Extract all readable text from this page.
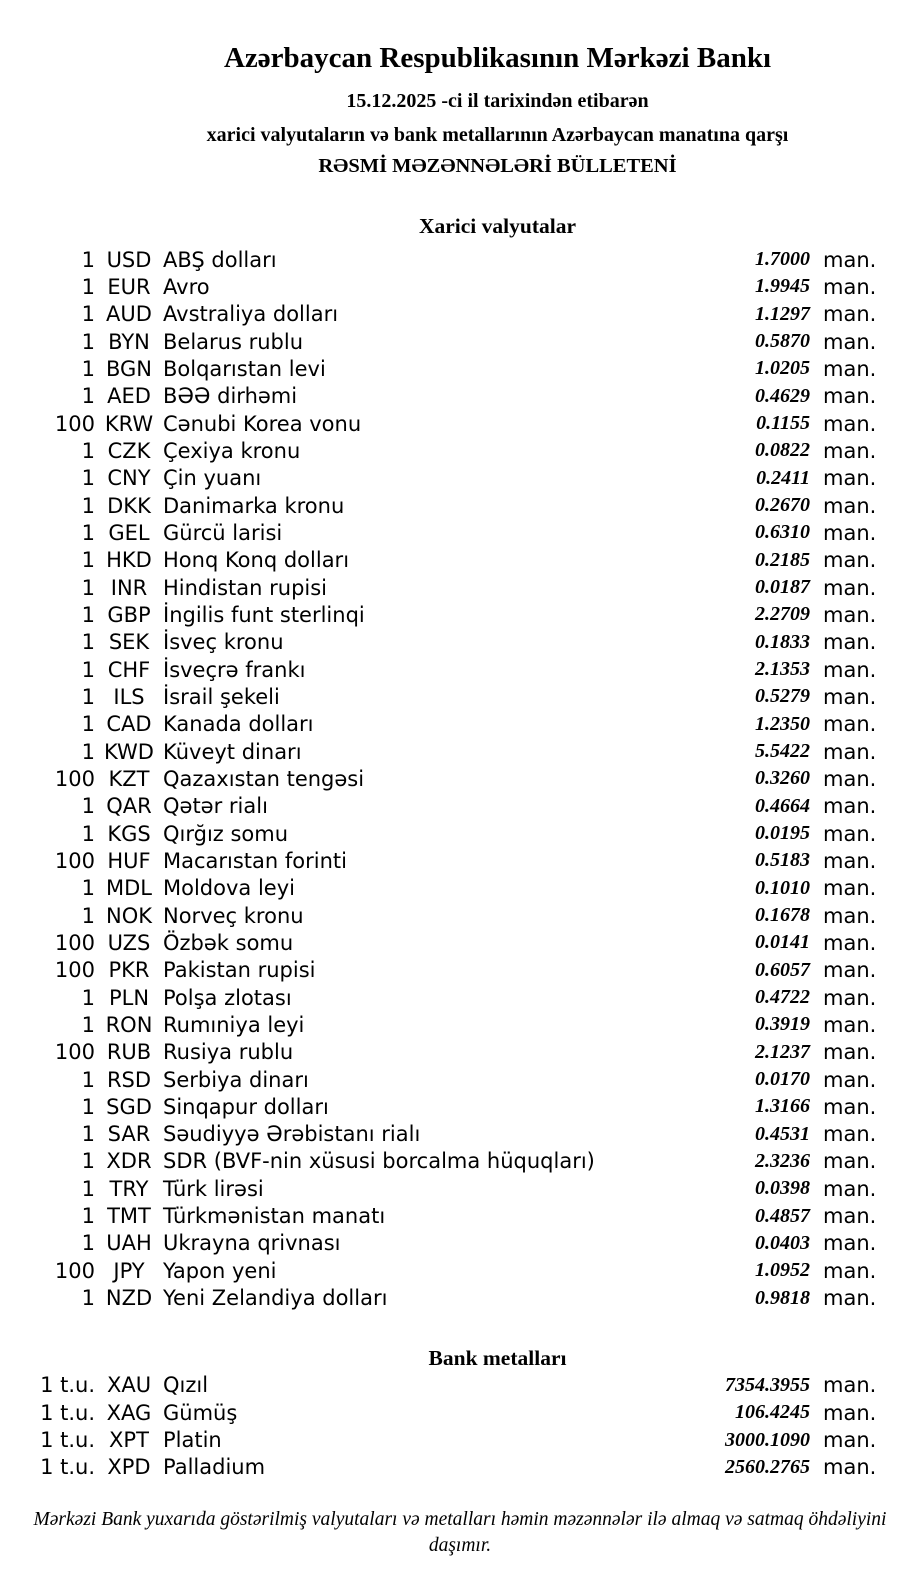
Azərbaycan Respublikasının Mərkəzi Bankı
15.12.2025 -ci il tarixindən etibarən
xarici valyutaların və bank metallarının Azərbaycan manatına qarşı
RƏSMİ MƏZƏNNƏLƏRİ BÜLLETENİ
Xarici valyutalar
1 USD ABŞ dolları	1.7000 man.
1 EUR Avro	1.9945 man.
1 AUD Avstraliya dolları	1.1297 man.
1 BYN Belarus rublu	0.5870 man.
1 BGN Bolqarıstan levi	1.0205 man.
1 AED BƏƏ dirhəmi	0.4629 man.
100 KRW Cənubi Korea vonu	0.1155 man.
1 CZK Çexiya kronu	0.0822 man.
1 CNY Çin yuanı	0.2411 man.
1 DKK Danimarka kronu	0.2670 man.
1 GEL Gürcü larisi	0.6310 man.
1 HKD Honq Konq dolları	0.2185 man.
1 INR Hindistan rupisi	0.0187 man.
1 GBP İngilis funt sterlinqi	2.2709 man.
1 SEK İsveç kronu	0.1833 man.
1 CHF İsveçrə frankı	2.1353 man.
1 ILS İsrail şekeli	0.5279 man.
1 CAD Kanada dolları	1.2350 man.
1 KWD Küveyt dinarı	5.5422 man.
100 KZT Qazaxıstan tengəsi	0.3260 man.
1 QAR Qətər rialı	0.4664 man.
1 KGS Qırğız somu	0.0195 man.
100 HUF Macarıstan forinti	0.5183 man.
1 MDL Moldova leyi	0.1010 man.
1 NOK Norveç kronu	0.1678 man.
100 UZS Özbək somu	0.0141 man.
100 PKR Pakistan rupisi	0.6057 man.
1 PLN Polşa zlotası	0.4722 man.
1 RON Rumıniya leyi	0.3919 man.
100 RUB Rusiya rublu	2.1237 man.
1 RSD Serbiya dinarı	0.0170 man.
1 SGD Sinqapur dolları	1.3166 man.
1 SAR Səudiyyə Ərəbistanı rialı	0.4531 man.
1 XDR SDR (BVF-nin xüsusi borcalma hüquqları)	2.3236 man.
1 TRY Türk lirəsi	0.0398 man.
1 TMT Türkmənistan manatı	0.4857 man.
1 UAH Ukrayna qrivnası	0.0403 man.
100 JPY Yapon yeni	1.0952 man.
1 NZD Yeni Zelandiya dolları	0.9818 man.
Bank metalları
1 t.u. XAU Qızıl	7354.3955 man.
1 t.u. XAG Gümüş	106.4245 man.
1 t.u. XPT Platin	3000.1090 man.
1 t.u. XPD Palladium	2560.2765 man.
Mərkəzi Bank yuxarıda göstərilmiş valyutaları və metalları həmin məzənnələr ilə almaq və satmaq öhdəliyini daşımır.
